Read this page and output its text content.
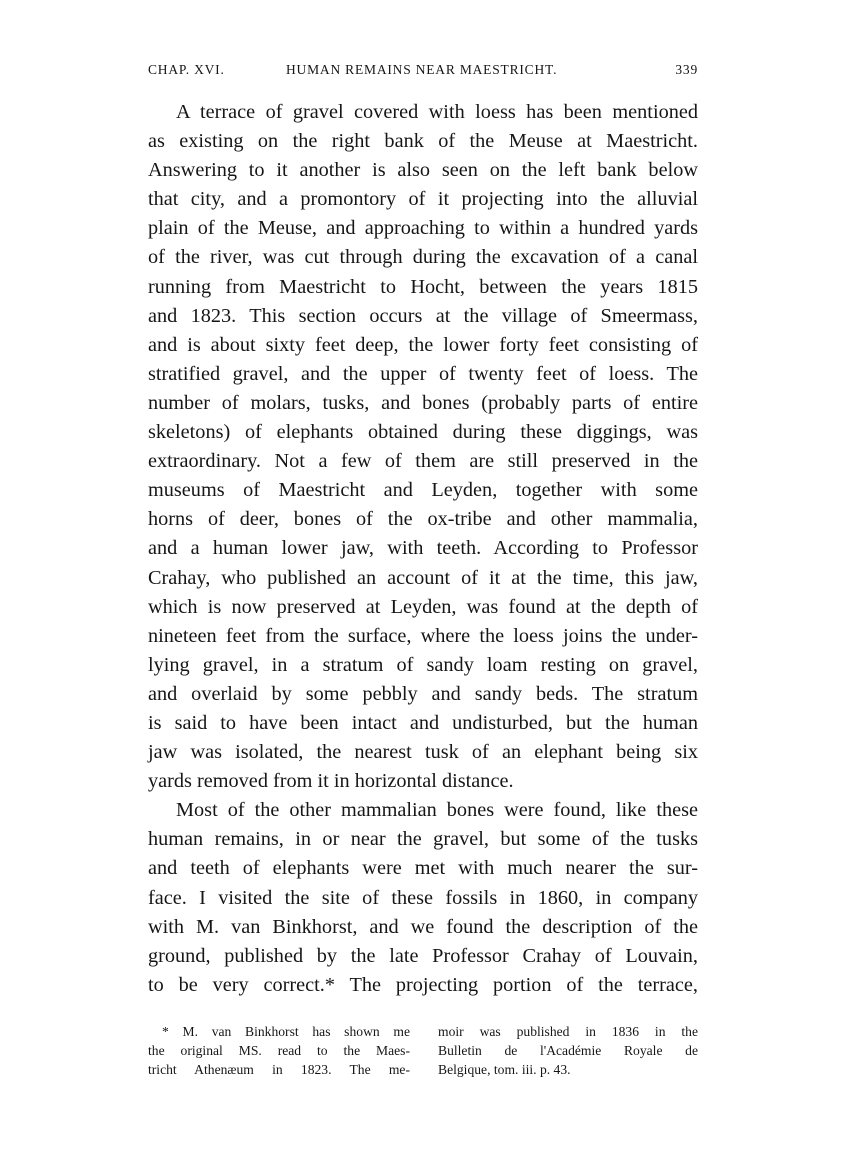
CHAP. XVI.	HUMAN REMAINS NEAR MAESTRICHT.	339

A terrace of gravel covered with loess has been mentioned
as existing on the right bank of the Meuse at Maestricht.
Answering to it another is also seen on the left bank below
that city, and a promontory of it projecting into the alluvial
plain of the Meuse, and approaching to within a hundred yards
of the river, was cut through during the excavation of a canal
running from Maestricht to Hocht, between the years 1815
and 1823. This section occurs at the village of Smeermass,
and is about sixty feet deep, the lower forty feet consisting of
stratified gravel, and the upper of twenty feet of loess. The
number of molars, tusks, and bones (probably parts of entire
skeletons) of elephants obtained during these diggings, was
extraordinary. Not a few of them are still preserved in the
museums of Maestricht and Leyden, together with some
horns of deer, bones of the ox-tribe and other mammalia,
and a human lower jaw, with teeth. According to Professor
Crahay, who published an account of it at the time, this jaw,
which is now preserved at Leyden, was found at the depth of
nineteen feet from the surface, where the loess joins the under-
lying gravel, in a stratum of sandy loam resting on gravel,
and overlaid by some pebbly and sandy beds. The stratum
is said to have been intact and undisturbed, but the human
jaw was isolated, the nearest tusk of an elephant being six
yards removed from it in horizontal distance.

Most of the other mammalian bones were found, like these
human remains, in or near the gravel, but some of the tusks
and teeth of elephants were met with much nearer the sur-
face. I visited the site of these fossils in 1860, in company
with M. van Binkhorst, and we found the description of the
ground, published by the late Professor Crahay of Louvain,
to be very correct.* The projecting portion of the terrace,

* M. van Binkhorst has shown me
the original MS. read to the Maes-
tricht Athenæum in 1823. The me-
moir was published in 1836 in the
Bulletin de l'Académie Royale de
Belgique, tom. iii. p. 43.
